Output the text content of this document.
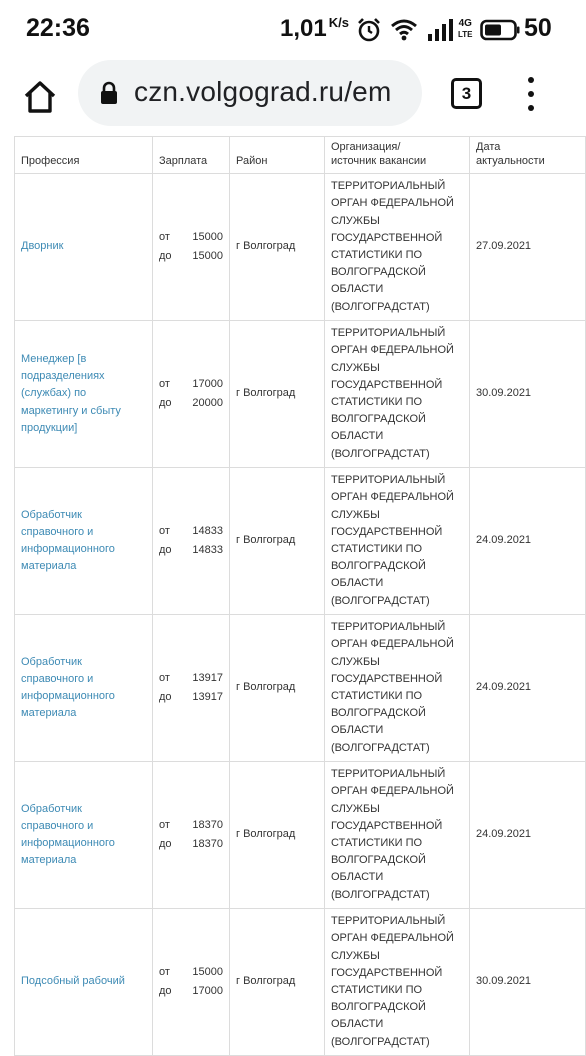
22:36	1,01 $^{K/s}$	4G
LTE 50
czn.volgograd.ru/em	3
Профессия	Зарплата	Район	Организация/
источник вакансии	Дата
актуальности
Дворник	от 15000
до 15000	г Волгоград	ТЕРРИТОРИАЛЬНЫЙ ОРГАН ФЕДЕРАЛЬНОЙ СЛУЖБЫ ГОСУДАРСТВЕННОЙ СТАТИСТИКИ ПО ВОЛГОГРАДСКОЙ ОБЛАСТИ (ВОЛГОГРАДСТАТ)	27.09.2021
Менеджер [в подразделениях (службах) по маркетингу и сбыту продукции]	от 17000
до 20000	г Волгоград	ТЕРРИТОРИАЛЬНЫЙ ОРГАН ФЕДЕРАЛЬНОЙ СЛУЖБЫ ГОСУДАРСТВЕННОЙ СТАТИСТИКИ ПО ВОЛГОГРАДСКОЙ ОБЛАСТИ (ВОЛГОГРАДСТАТ)	30.09.2021
Обработчик справочного и информационного материала	от 14833
до 14833	г Волгоград	ТЕРРИТОРИАЛЬНЫЙ ОРГАН ФЕДЕРАЛЬНОЙ СЛУЖБЫ ГОСУДАРСТВЕННОЙ СТАТИСТИКИ ПО ВОЛГОГРАДСКОЙ ОБЛАСТИ (ВОЛГОГРАДСТАТ)	24.09.2021
Обработчик справочного и информационного материала	от 13917
до 13917	г Волгоград	ТЕРРИТОРИАЛЬНЫЙ ОРГАН ФЕДЕРАЛЬНОЙ СЛУЖБЫ ГОСУДАРСТВЕННОЙ СТАТИСТИКИ ПО ВОЛГОГРАДСКОЙ ОБЛАСТИ (ВОЛГОГРАДСТАТ)	24.09.2021
Обработчик справочного и информационного материала	от 18370
до 18370	г Волгоград	ТЕРРИТОРИАЛЬНЫЙ ОРГАН ФЕДЕРАЛЬНОЙ СЛУЖБЫ ГОСУДАРСТВЕННОЙ СТАТИСТИКИ ПО ВОЛГОГРАДСКОЙ ОБЛАСТИ (ВОЛГОГРАДСТАТ)	24.09.2021
Подсобный рабочий	от 15000
до 17000	г Волгоград	ТЕРРИТОРИАЛЬНЫЙ ОРГАН ФЕДЕРАЛЬНОЙ СЛУЖБЫ ГОСУДАРСТВЕННОЙ СТАТИСТИКИ ПО ВОЛГОГРАДСКОЙ ОБЛАСТИ (ВОЛГОГРАДСТАТ)	30.09.2021
